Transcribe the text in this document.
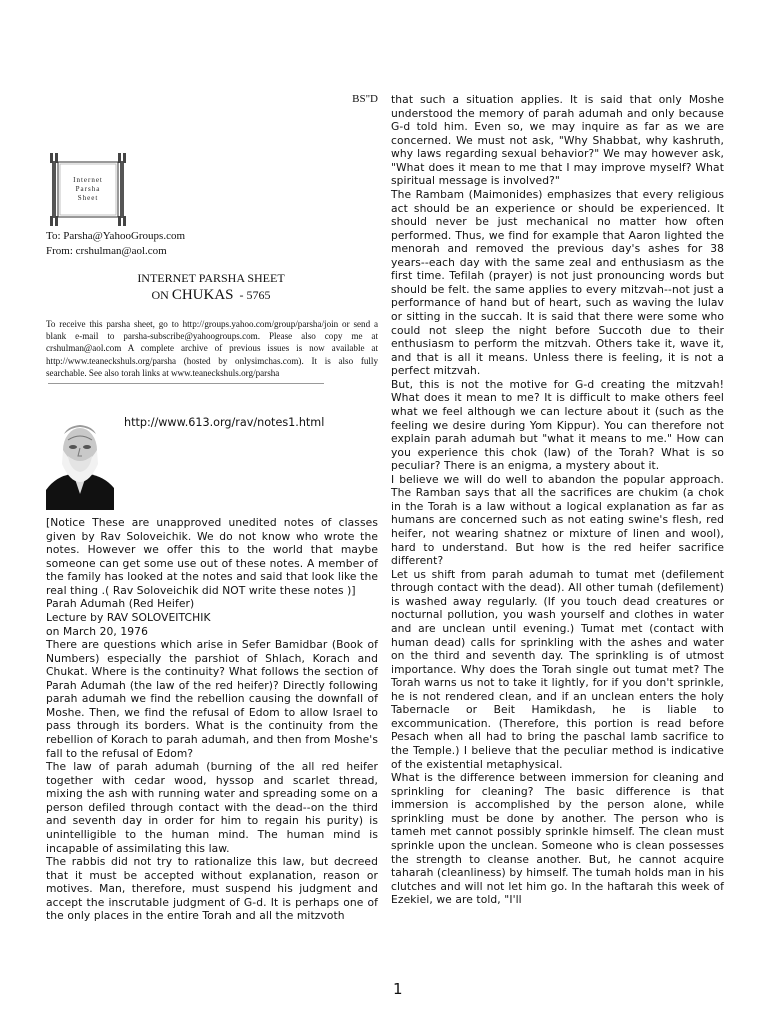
BS"D
Internet
Parsha
Sheet
To: Parsha@YahooGroups.com
From: crshulman@aol.com
INTERNET PARSHA SHEET
ON CHUKAS - 5765
To receive this parsha sheet, go to http://groups.yahoo.com/group/parsha/join or send a blank e-mail to parsha-subscribe@yahoogroups.com. Please also copy me at crshulman@aol.com A complete archive of previous issues is now available at http://www.teaneckshuls.org/parsha (hosted by onlysimchas.com). It is also fully searchable. See also torah links at www.teaneckshuls.org/parsha
http://www.613.org/rav/notes1.html

[Notice These are unapproved unedited notes of classes given by Rav Soloveichik. We do not know who wrote the notes. However we offer this to the world that maybe someone can get some use out of these notes. A member of the family has looked at the notes and said that look like the real thing .( Rav Soloveichik did NOT write these notes )]

Parah Adumah (Red Heifer)

Lecture by RAV SOLOVEITCHIK

on March 20, 1976

There are questions which arise in Sefer Bamidbar (Book of Numbers) especially the parshiot of Shlach, Korach and Chukat. Where is the continuity? What follows the section of Parah Adumah (the law of the red heifer)? Directly following parah adumah we find the rebellion causing the downfall of Moshe. Then, we find the refusal of Edom to allow Israel to pass through its borders. What is the continuity from the rebellion of Korach to parah adumah, and then from Moshe's fall to the refusal of Edom?

The law of parah adumah (burning of the all red heifer together with cedar wood, hyssop and scarlet thread, mixing the ash with running water and spreading some on a person defiled through contact with the dead--on the third and seventh day in order for him to regain his purity) is unintelligible to the human mind. The human mind is incapable of assimilating this law.

The rabbis did not try to rationalize this law, but decreed that it must be accepted without explanation, reason or motives. Man, therefore, must suspend his judgment and accept the inscrutable judgment of G-d. It is perhaps one of the only places in the entire Torah and all the mitzvoth

that such a situation applies. It is said that only Moshe understood the memory of parah adumah and only because G-d told him. Even so, we may inquire as far as we are concerned. We must not ask, "Why Shabbat, why kashruth, why laws regarding sexual behavior?" We may however ask, "What does it mean to me that I may improve myself? What spiritual message is involved?"

The Rambam (Maimonides) emphasizes that every religious act should be an experience or should be experienced. It should never be just mechanical no matter how often performed. Thus, we find for example that Aaron lighted the menorah and removed the previous day's ashes for 38 years--each day with the same zeal and enthusiasm as the first time. Tefilah (prayer) is not just pronouncing words but should be felt. the same applies to every mitzvah--not just a performance of hand but of heart, such as waving the lulav or sitting in the succah. It is said that there were some who could not sleep the night before Succoth due to their enthusiasm to perform the mitzvah. Others take it, wave it, and that is all it means. Unless there is feeling, it is not a perfect mitzvah.

But, this is not the motive for G-d creating the mitzvah! What does it mean to me? It is difficult to make others feel what we feel although we can lecture about it (such as the feeling we desire during Yom Kippur). You can therefore not explain parah adumah but "what it means to me." How can you experience this chok (law) of the Torah? What is so peculiar? There is an enigma, a mystery about it.

I believe we will do well to abandon the popular approach. The Ramban says that all the sacrifices are chukim (a chok in the Torah is a law without a logical explanation as far as humans are concerned such as not eating swine's flesh, red heifer, not wearing shatnez or mixture of linen and wool), hard to understand. But how is the red heifer sacrifice different?

Let us shift from parah adumah to tumat met (defilement through contact with the dead). All other tumah (defilement) is washed away regularly. (If you touch dead creatures or nocturnal pollution, you wash yourself and clothes in water and are unclean until evening.) Tumat met (contact with human dead) calls for sprinkling with the ashes and water on the third and seventh day. The sprinkling is of utmost importance. Why does the Torah single out tumat met? The Torah warns us not to take it lightly, for if you don't sprinkle, he is not rendered clean, and if an unclean enters the holy Tabernacle or Beit Hamikdash, he is liable to excommunication. (Therefore, this portion is read before Pesach when all had to bring the paschal lamb sacrifice to the Temple.) I believe that the peculiar method is indicative of the existential metaphysical.

What is the difference between immersion for cleaning and sprinkling for cleaning? The basic difference is that immersion is accomplished by the person alone, while sprinkling must be done by another. The person who is tameh met cannot possibly sprinkle himself. The clean must sprinkle upon the unclean. Someone who is clean possesses the strength to cleanse another. But, he cannot acquire taharah (cleanliness) by himself. The tumah holds man in his clutches and will not let him go. In the haftarah this week of Ezekiel, we are told, "I'll

1
